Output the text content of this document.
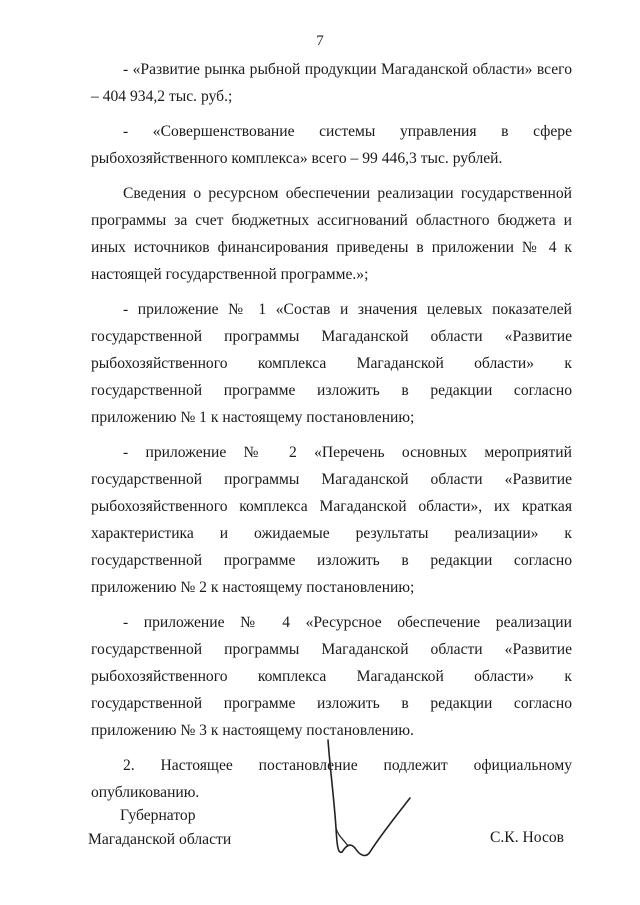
7

- «Развитие рынка рыбной продукции Магаданской области» всего – 404 934,2 тыс. руб.;

- «Совершенствование системы управления в сфере рыбохозяйственного комплекса» всего – 99 446,3 тыс. рублей.

Сведения о ресурсном обеспечении реализации государственной программы за счет бюджетных ассигнований областного бюджета и иных источников финансирования приведены в приложении № 4 к настоящей государственной программе.»;

- приложение № 1 «Состав и значения целевых показателей государственной программы Магаданской области «Развитие рыбохозяйственного комплекса Магаданской области» к государственной программе изложить в редакции согласно приложению № 1 к настоящему постановлению;

- приложение № 2 «Перечень основных мероприятий государственной программы Магаданской области «Развитие рыбохозяйственного комплекса Магаданской области», их краткая характеристика и ожидаемые результаты реализации» к государственной программе изложить в редакции согласно приложению № 2 к настоящему постановлению;

- приложение № 4 «Ресурсное обеспечение реализации государственной программы Магаданской области «Развитие рыбохозяйственного комплекса Магаданской области» к государственной программе изложить в редакции согласно приложению № 3 к настоящему постановлению.

2. Настоящее постановление подлежит официальному опубликованию.

Губернатор
Магаданской области	С.К. Носов
